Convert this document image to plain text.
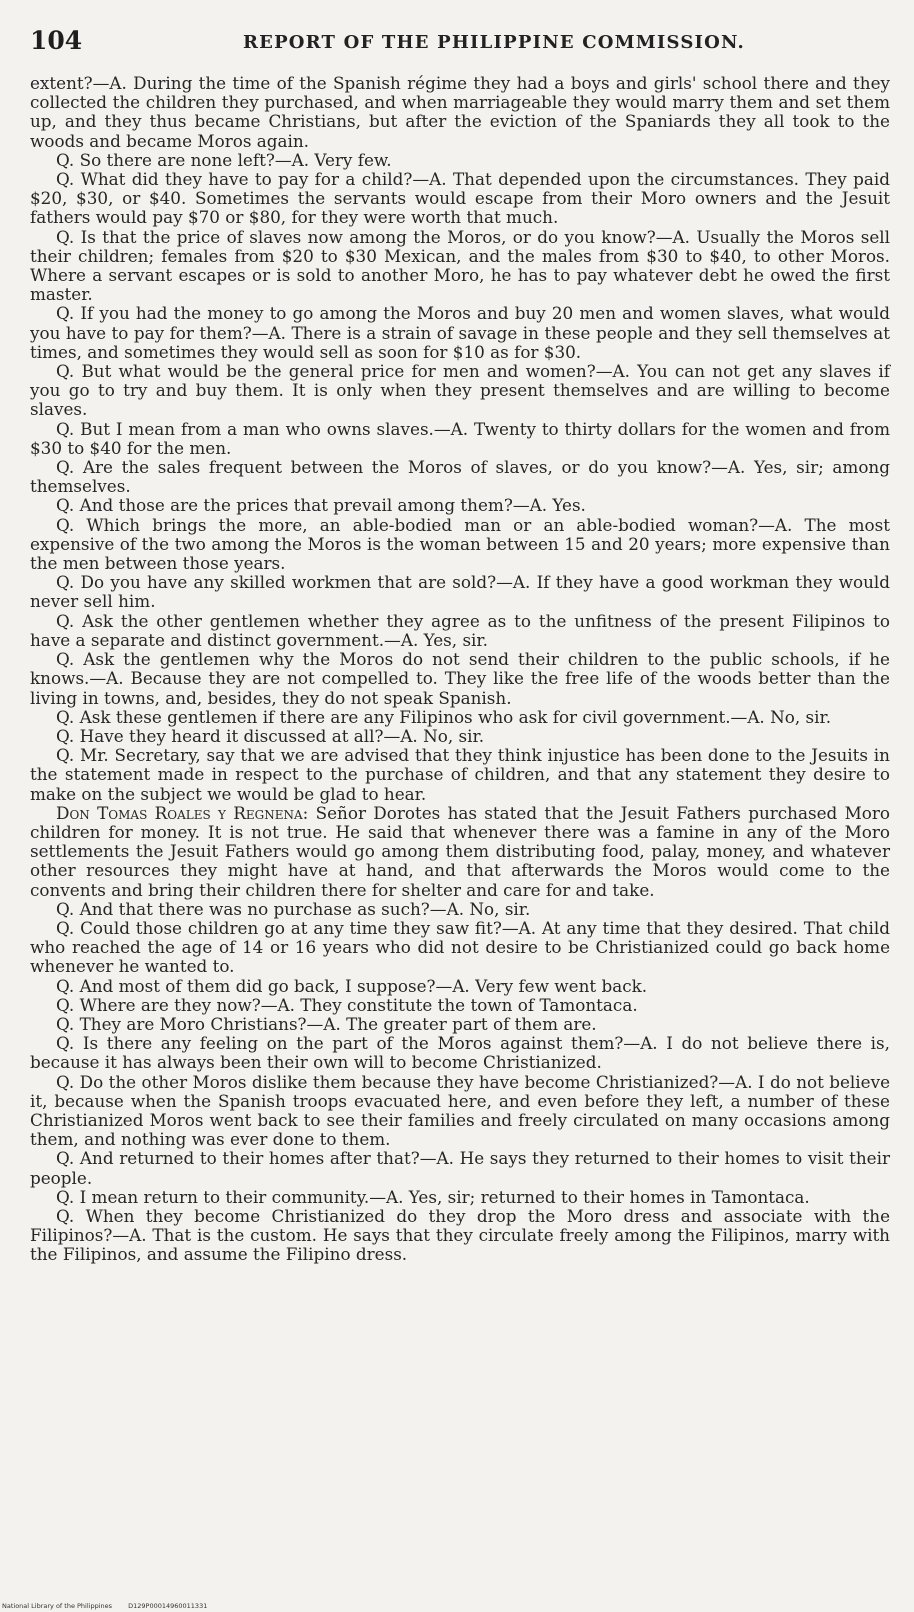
104	REPORT OF THE PHILIPPINE COMMISSION.

extent?—A. During the time of the Spanish régime they had a boys and girls' school there and they collected the children they purchased, and when marriageable they would marry them and set them up, and they thus became Christians, but after the eviction of the Spaniards they all took to the woods and became Moros again.

Q. So there are none left?—A. Very few.

Q. What did they have to pay for a child?—A. That depended upon the circumstances. They paid $20, $30, or $40. Sometimes the servants would escape from their Moro owners and the Jesuit fathers would pay $70 or $80, for they were worth that much.

Q. Is that the price of slaves now among the Moros, or do you know?—A. Usually the Moros sell their children; females from $20 to $30 Mexican, and the males from $30 to $40, to other Moros. Where a servant escapes or is sold to another Moro, he has to pay whatever debt he owed the first master.

Q. If you had the money to go among the Moros and buy 20 men and women slaves, what would you have to pay for them?—A. There is a strain of savage in these people and they sell themselves at times, and sometimes they would sell as soon for $10 as for $30.

Q. But what would be the general price for men and women?—A. You can not get any slaves if you go to try and buy them. It is only when they present themselves and are willing to become slaves.

Q. But I mean from a man who owns slaves.—A. Twenty to thirty dollars for the women and from $30 to $40 for the men.

Q. Are the sales frequent between the Moros of slaves, or do you know?—A. Yes, sir; among themselves.

Q. And those are the prices that prevail among them?—A. Yes.

Q. Which brings the more, an able-bodied man or an able-bodied woman?—A. The most expensive of the two among the Moros is the woman between 15 and 20 years; more expensive than the men between those years.

Q. Do you have any skilled workmen that are sold?—A. If they have a good workman they would never sell him.

Q. Ask the other gentlemen whether they agree as to the unfitness of the present Filipinos to have a separate and distinct government.—A. Yes, sir.

Q. Ask the gentlemen why the Moros do not send their children to the public schools, if he knows.—A. Because they are not compelled to. They like the free life of the woods better than the living in towns, and, besides, they do not speak Spanish.

Q. Ask these gentlemen if there are any Filipinos who ask for civil government.—A. No, sir.

Q. Have they heard it discussed at all?—A. No, sir.

Q. Mr. Secretary, say that we are advised that they think injustice has been done to the Jesuits in the statement made in respect to the purchase of children, and that any statement they desire to make on the subject we would be glad to hear.

Don Tomas Roales y Regnena: Señor Dorotes has stated that the Jesuit Fathers purchased Moro children for money. It is not true. He said that whenever there was a famine in any of the Moro settlements the Jesuit Fathers would go among them distributing food, palay, money, and whatever other resources they might have at hand, and that afterwards the Moros would come to the convents and bring their children there for shelter and care for and take.

Q. And that there was no purchase as such?—A. No, sir.

Q. Could those children go at any time they saw fit?—A. At any time that they desired. That child who reached the age of 14 or 16 years who did not desire to be Christianized could go back home whenever he wanted to.

Q. And most of them did go back, I suppose?—A. Very few went back.

Q. Where are they now?—A. They constitute the town of Tamontaca.

Q. They are Moro Christians?—A. The greater part of them are.

Q. Is there any feeling on the part of the Moros against them?—A. I do not believe there is, because it has always been their own will to become Christianized.

Q. Do the other Moros dislike them because they have become Christianized?—A. I do not believe it, because when the Spanish troops evacuated here, and even before they left, a number of these Christianized Moros went back to see their families and freely circulated on many occasions among them, and nothing was ever done to them.

Q. And returned to their homes after that?—A. He says they returned to their homes to visit their people.

Q. I mean return to their community.—A. Yes, sir; returned to their homes in Tamontaca.

Q. When they become Christianized do they drop the Moro dress and associate with the Filipinos?—A. That is the custom. He says that they circulate freely among the Filipinos, marry with the Filipinos, and assume the Filipino dress.

National Library of the Philippines D129P00014960011331
